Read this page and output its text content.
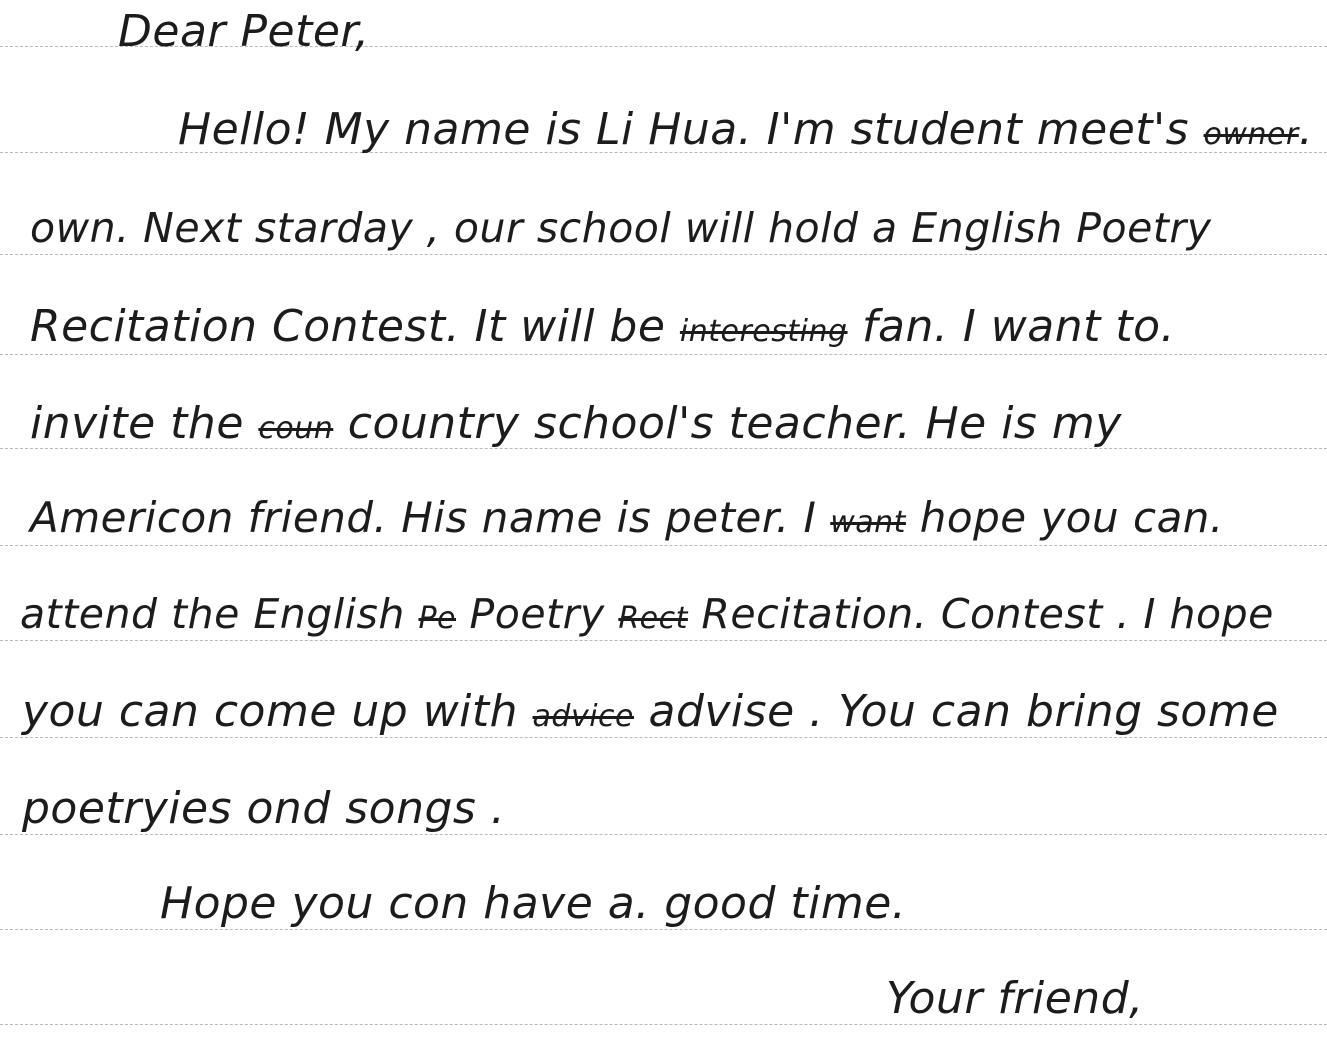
Dear Peter,
Hello! My name is Li Hua. I'm student meet's owner.
own. Next starday , our school will hold a English Poetry
Recitation Contest. It will be interesting fan. I want to.
invite the coun country school's teacher. He is my
Americon friend. His name is peter. I want hope you can.
attend the English Pe Poetry Rect Recitation. Contest . I hope
you can come up with advice advise . You can bring some
poetryies ond songs .
Hope you con have a. good time.
Your friend,
